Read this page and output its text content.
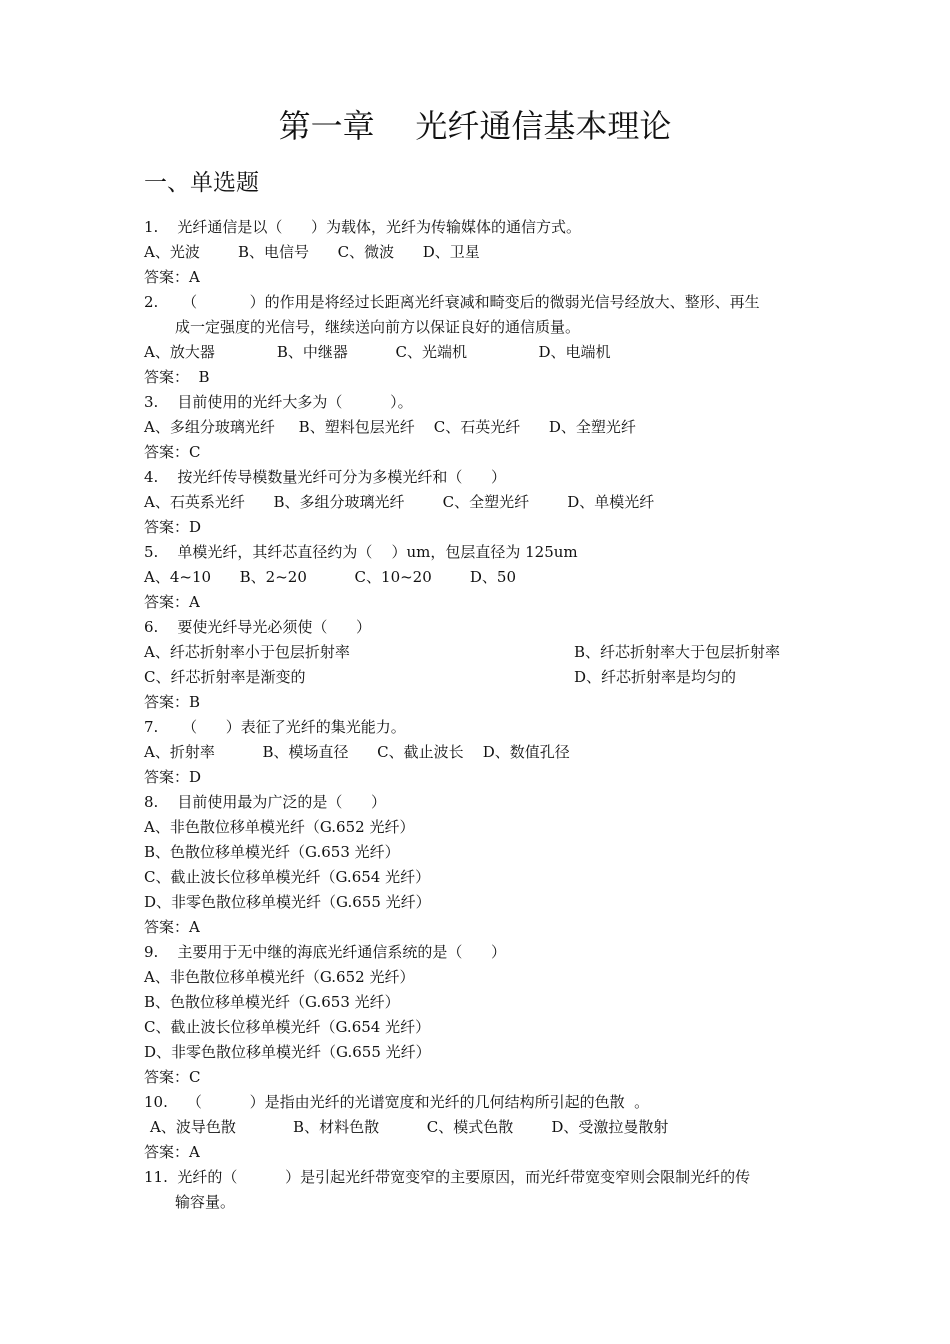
第一章    光纤通信基本理论
一、单选题
1.    光纤通信是以（      ）为载体，光纤为传输媒体的通信方式。
A、光波        B、电信号      C、微波      D、卫星
答案：A
2.     （           ）的作用是将经过长距离光纤衰减和畸变后的微弱光信号经放大、整形、再生
成一定强度的光信号，继续送向前方以保证良好的通信质量。
A、放大器             B、中继器          C、光端机               D、电端机
答案：  B
3.    目前使用的光纤大多为（          ）。
A、多组分玻璃光纤     B、塑料包层光纤    C、石英光纤      D、全塑光纤
答案：C
4.    按光纤传导模数量光纤可分为多模光纤和（      ）
A、石英系光纤      B、多组分玻璃光纤        C、全塑光纤        D、单模光纤
答案：D
5.    单模光纤，其纤芯直径约为（    ）um，包层直径为 125um
A、4~10      B、2~20          C、10~20        D、50
答案：A
6.    要使光纤导光必须使（      ）
A、纤芯折射率小于包层折射率	B、纤芯折射率大于包层折射率
C、纤芯折射率是渐变的	D、纤芯折射率是均匀的
答案：B
7.     （      ）表征了光纤的集光能力。
A、折射率          B、模场直径      C、截止波长    D、数值孔径
答案：D
8.    目前使用最为广泛的是（      ）
A、非色散位移单模光纤（G.652 光纤）
B、色散位移单模光纤（G.653 光纤）
C、截止波长位移单模光纤（G.654 光纤）
D、非零色散位移单模光纤（G.655 光纤）
答案：A
9.    主要用于无中继的海底光纤通信系统的是（      ）
A、非色散位移单模光纤（G.652 光纤）
B、色散位移单模光纤（G.653 光纤）
C、截止波长位移单模光纤（G.654 光纤）
D、非零色散位移单模光纤（G.655 光纤）
答案：C
10.    （          ）是指由光纤的光谱宽度和光纤的几何结构所引起的色散  。
A、波导色散            B、材料色散          C、模式色散        D、受激拉曼散射
答案：A
11.  光纤的（          ）是引起光纤带宽变窄的主要原因，而光纤带宽变窄则会限制光纤的传
输容量。
